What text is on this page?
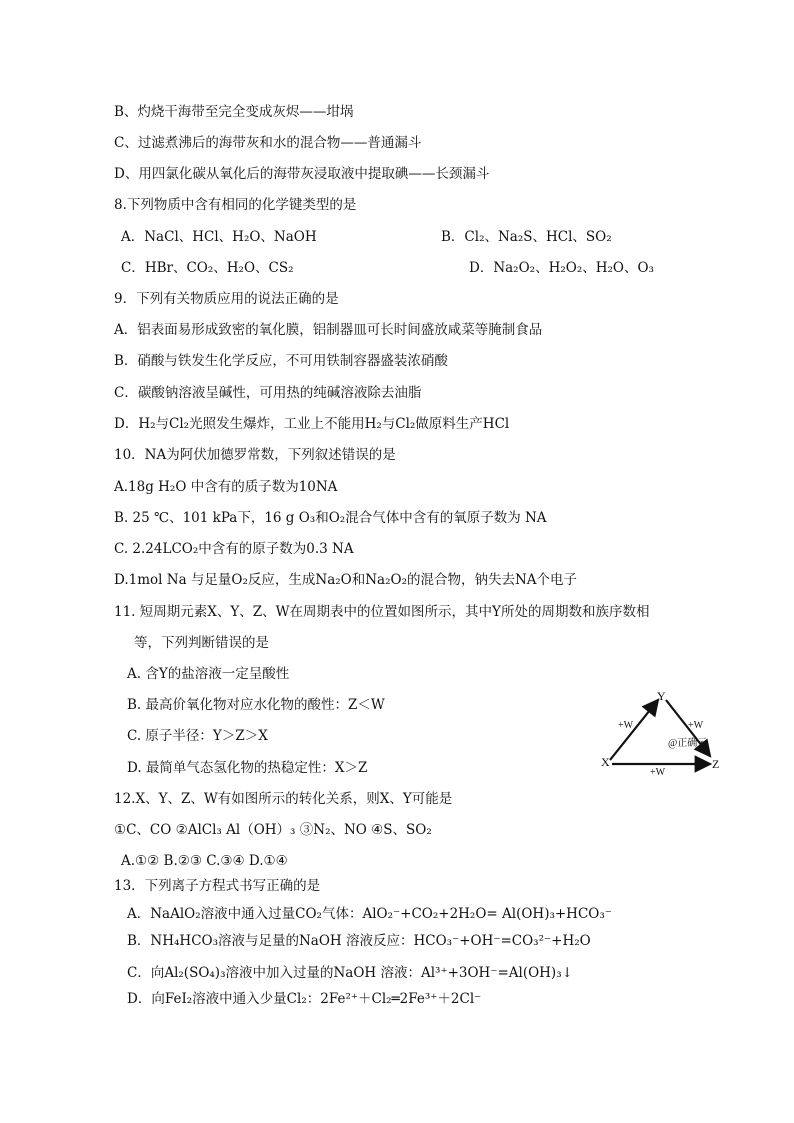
B、灼烧干海带至完全变成灰烬——坩埚
C、过滤煮沸后的海带灰和水的混合物——普通漏斗
D、用四氯化碳从氧化后的海带灰浸取液中提取碘——长颈漏斗
8.下列物质中含有相同的化学键类型的是
A．NaCl、HCl、H₂O、NaOH	B．Cl₂、Na₂S、HCl、SO₂
C．HBr、CO₂、H₂O、CS₂	D．Na₂O₂、H₂O₂、H₂O、O₃
9．下列有关物质应用的说法正确的是
A．铝表面易形成致密的氧化膜，铝制器皿可长时间盛放咸菜等腌制食品
B．硝酸与铁发生化学反应，不可用铁制容器盛装浓硝酸
C．碳酸钠溶液呈碱性，可用热的纯碱溶液除去油脂
D．H₂与Cl₂光照发生爆炸，工业上不能用H₂与Cl₂做原料生产HCl
10．NA为阿伏加德罗常数，下列叙述错误的是
A.18g H₂O 中含有的质子数为10NA
B. 25 ℃、101 kPa下，16 g O₃和O₂混合气体中含有的氧原子数为 NA
C. 2.24LCO₂中含有的原子数为0.3 NA
D.1mol Na 与足量O₂反应，生成Na₂O和Na₂O₂的混合物，钠失去NA个电子
11. 短周期元素X、Y、Z、W在周期表中的位置如图所示，其中Y所处的周期数和族序数相
等，下列判断错误的是
A. 含Y的盐溶液一定呈酸性
B. 最高价氧化物对应水化物的酸性：Z＜W
C. 原子半径：Y＞Z＞X
D. 最简单气态氢化物的热稳定性：X＞Z
12.X、Y、Z、W有如图所示的转化关系，则X、Y可能是
①C、CO ②AlCl₃ Al（OH）₃ ③N₂、NO ④S、SO₂
A.①② B.②③ C.③④ D.①④
13．下列离子方程式书写正确的是
A．NaAlO₂溶液中通入过量CO₂气体：AlO₂⁻+CO₂+2H₂O= Al(OH)₃+HCO₃⁻
B．NH₄HCO₃溶液与足量的NaOH 溶液反应：HCO₃⁻+OH⁻=CO₃²⁻+H₂O
C．向Al₂(SO₄)₃溶液中加入过量的NaOH 溶液：Al³⁺+3OH⁻=Al(OH)₃↓
D．向FeI₂溶液中通入少量Cl₂：2Fe²⁺＋Cl₂═2Fe³⁺＋2Cl⁻
Y
X	Z
+W	+W
+W
@正确云
